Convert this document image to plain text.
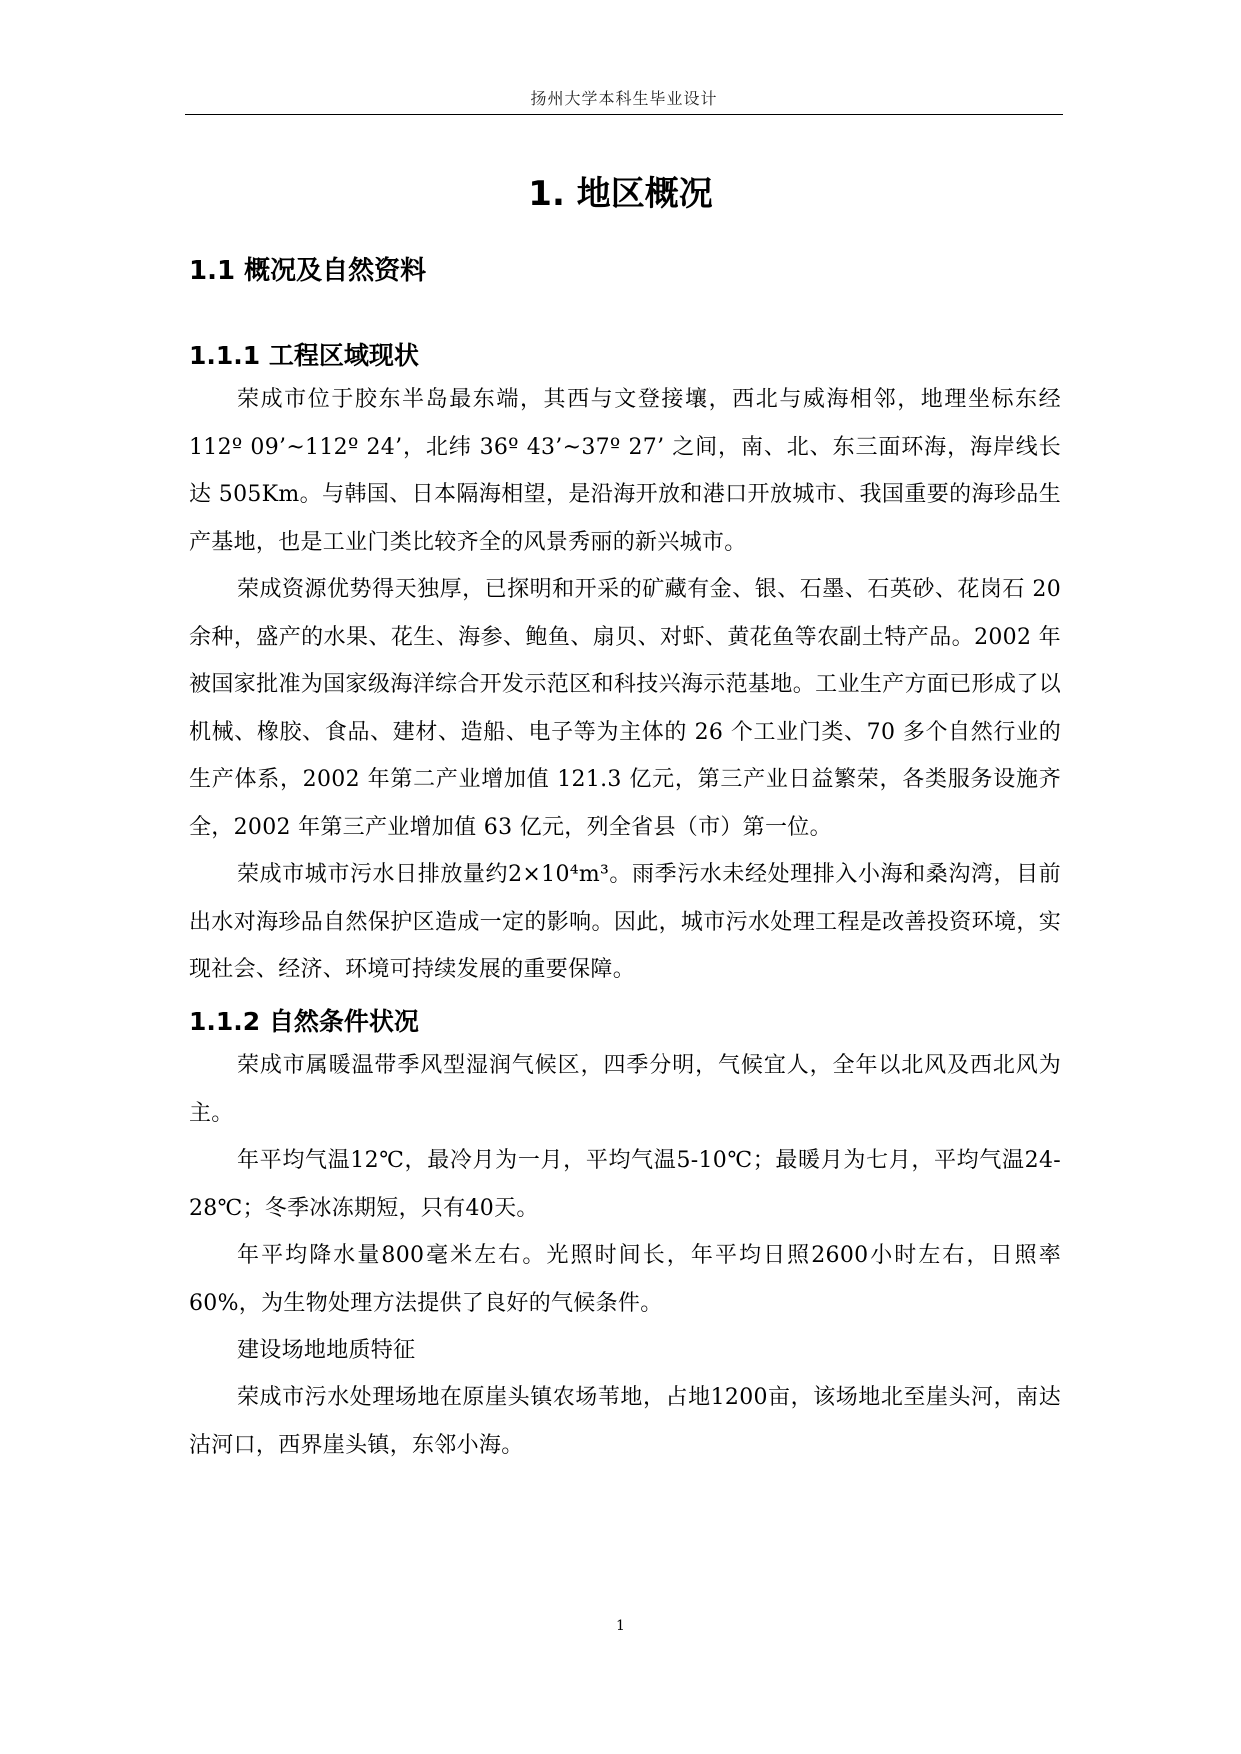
扬州大学本科生毕业设计
1. 地区概况
1.1 概况及自然资料
1.1.1 工程区域现状
荣成市位于胶东半岛最东端，其西与文登接壤，西北与威海相邻，地理坐标东经 112º 09’~112º 24’，北纬 36º 43’~37º 27’ 之间，南、北、东三面环海，海岸线长达 505Km。与韩国、日本隔海相望，是沿海开放和港口开放城市、我国重要的海珍品生产基地，也是工业门类比较齐全的风景秀丽的新兴城市。
荣成资源优势得天独厚，已探明和开采的矿藏有金、银、石墨、石英砂、花岗石 20 余种，盛产的水果、花生、海参、鲍鱼、扇贝、对虾、黄花鱼等农副土特产品。2002 年被国家批准为国家级海洋综合开发示范区和科技兴海示范基地。工业生产方面已形成了以机械、橡胶、食品、建材、造船、电子等为主体的 26 个工业门类、70 多个自然行业的生产体系，2002 年第二产业增加值 121.3 亿元，第三产业日益繁荣，各类服务设施齐全，2002 年第三产业增加值 63 亿元，列全省县（市）第一位。
荣成市城市污水日排放量约2×10⁴m³。雨季污水未经处理排入小海和桑沟湾，目前出水对海珍品自然保护区造成一定的影响。因此，城市污水处理工程是改善投资环境，实现社会、经济、环境可持续发展的重要保障。
1.1.2 自然条件状况
荣成市属暖温带季风型湿润气候区，四季分明，气候宜人，全年以北风及西北风为主。
年平均气温12℃，最冷月为一月，平均气温5-10℃；最暖月为七月，平均气温24-28℃；冬季冰冻期短，只有40天。
年平均降水量800毫米左右。光照时间长，年平均日照2600小时左右，日照率60%，为生物处理方法提供了良好的气候条件。
建设场地地质特征
荣成市污水处理场地在原崖头镇农场苇地，占地1200亩，该场地北至崖头河，南达沽河口，西界崖头镇，东邻小海。
1
